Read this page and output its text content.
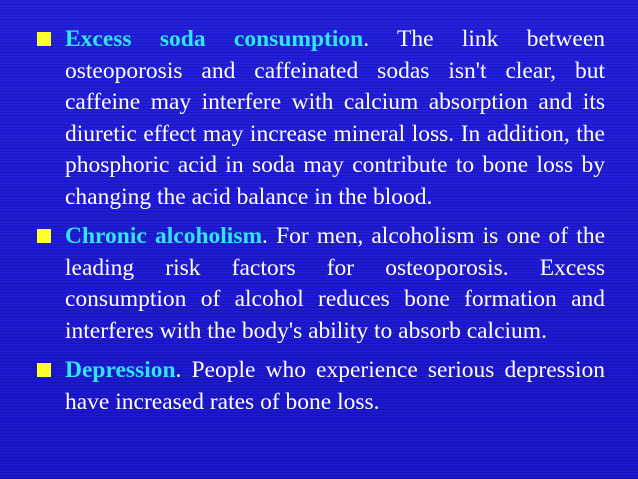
Excess soda consumption. The link between osteoporosis and caffeinated sodas isn't clear, but caffeine may interfere with calcium absorption and its diuretic effect may increase mineral loss. In addition, the phosphoric acid in soda may contribute to bone loss by changing the acid balance in the blood.
Chronic alcoholism. For men, alcoholism is one of the leading risk factors for osteoporosis. Excess consumption of alcohol reduces bone formation and interferes with the body's ability to absorb calcium.
Depression. People who experience serious depression have increased rates of bone loss.
